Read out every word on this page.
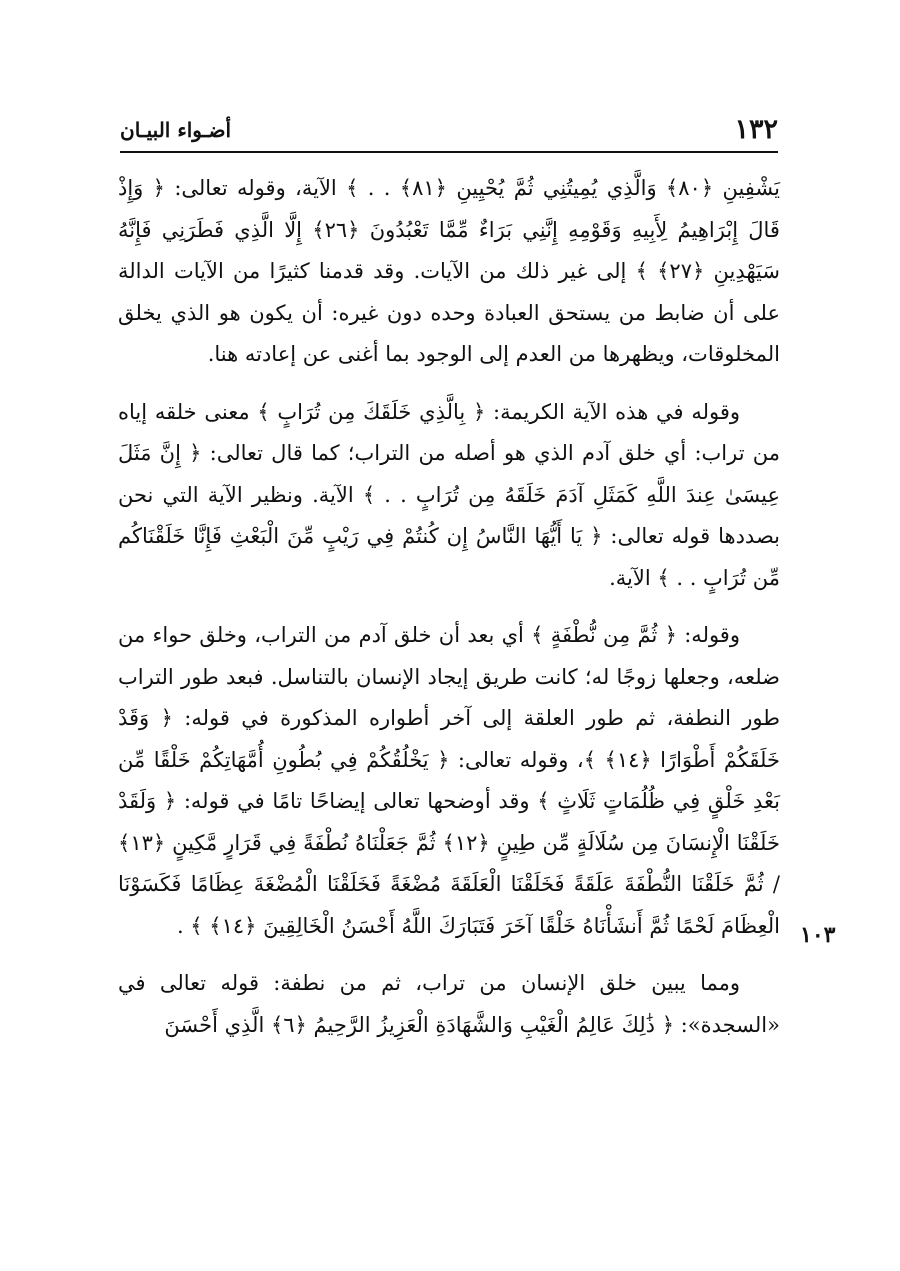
١٣٢
أضـواء البيـان

يَشْفِينِ ﴿٨٠﴾ وَالَّذِي يُمِيتُنِي ثُمَّ يُحْيِينِ ﴿٨١﴾ . . ﴾ الآية، وقوله تعالى: ﴿ وَإِذْ قَالَ إِبْرَاهِيمُ لِأَبِيهِ وَقَوْمِهِ إِنَّنِي بَرَاءٌ مِّمَّا تَعْبُدُونَ ﴿٢٦﴾ إِلَّا الَّذِي فَطَرَنِي فَإِنَّهُ سَيَهْدِينِ ﴿٢٧﴾ ﴾ إلى غير ذلك من الآيات. وقد قدمنا كثيرًا من الآيات الدالة على أن ضابط من يستحق العبادة وحده دون غيره: أن يكون هو الذي يخلق المخلوقات، ويظهرها من العدم إلى الوجود بما أغنى عن إعادته هنا.

وقوله في هذه الآية الكريمة: ﴿ بِالَّذِي خَلَقَكَ مِن تُرَابٍ ﴾ معنى خلقه إياه من تراب: أي خلق آدم الذي هو أصله من التراب؛ كما قال تعالى: ﴿ إِنَّ مَثَلَ عِيسَىٰ عِندَ اللَّهِ كَمَثَلِ آدَمَ خَلَقَهُ مِن تُرَابٍ . . ﴾ الآية. ونظير الآية التي نحن بصددها قوله تعالى: ﴿ يَا أَيُّهَا النَّاسُ إِن كُنتُمْ فِي رَيْبٍ مِّنَ الْبَعْثِ فَإِنَّا خَلَقْنَاكُم مِّن تُرَابٍ . . ﴾ الآية.

وقوله: ﴿ ثُمَّ مِن نُّطْفَةٍ ﴾ أي بعد أن خلق آدم من التراب، وخلق حواء من ضلعه، وجعلها زوجًا له؛ كانت طريق إيجاد الإنسان بالتناسل. فبعد طور التراب طور النطفة، ثم طور العلقة إلى آخر أطواره المذكورة في قوله: ﴿ وَقَدْ خَلَقَكُمْ أَطْوَارًا ﴿١٤﴾ ﴾، وقوله تعالى: ﴿ يَخْلُقُكُمْ فِي بُطُونِ أُمَّهَاتِكُمْ خَلْقًا مِّن بَعْدِ خَلْقٍ فِي ظُلُمَاتٍ ثَلَاثٍ ﴾ وقد أوضحها تعالى إيضاحًا تامًا في قوله: ﴿ وَلَقَدْ خَلَقْنَا الْإِنسَانَ مِن سُلَالَةٍ مِّن طِينٍ ﴿١٢﴾ ثُمَّ جَعَلْنَاهُ نُطْفَةً فِي قَرَارٍ مَّكِينٍ ﴿١٣﴾ / ثُمَّ خَلَقْنَا النُّطْفَةَ عَلَقَةً فَخَلَقْنَا الْعَلَقَةَ مُضْغَةً فَخَلَقْنَا الْمُضْغَةَ عِظَامًا فَكَسَوْنَا الْعِظَامَ لَحْمًا ثُمَّ أَنشَأْنَاهُ خَلْقًا آخَرَ فَتَبَارَكَ اللَّهُ أَحْسَنُ الْخَالِقِينَ ﴿١٤﴾ ﴾ .

ومما يبين خلق الإنسان من تراب، ثم من نطفة: قوله تعالى في «السجدة»: ﴿ ذَٰلِكَ عَالِمُ الْغَيْبِ وَالشَّهَادَةِ الْعَزِيزُ الرَّحِيمُ ﴿٦﴾ الَّذِي أَحْسَنَ

١٠٣
